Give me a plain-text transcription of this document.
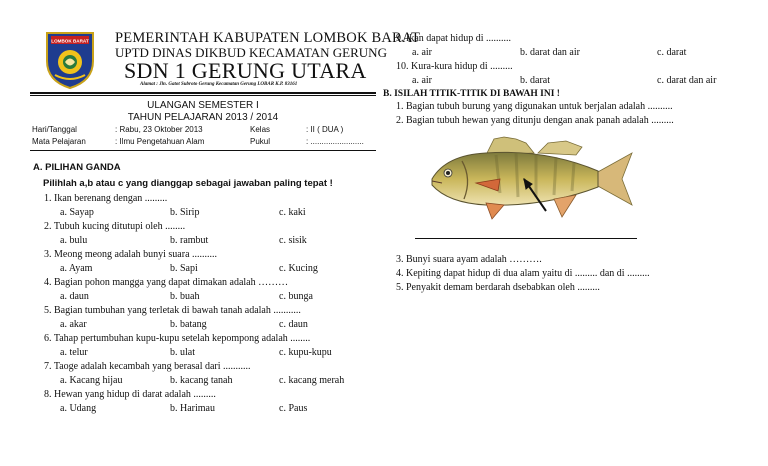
LOMBOK BARAT PEMERINTAH KABUPATEN LOMBOK BARAT
UPTD DINAS DIKBUD KECAMATAN GERUNG
SDN 1 GERUNG UTARA
Alamat : Jln. Gatot Subroto Gerung Kecamatan Gerung LOBAR K.P. 83161
ULANGAN SEMESTER I
TAHUN PELAJARAN 2013 / 2014
Hari/Tanggal	: Rabu, 23 Oktober 2013	Kelas	: II ( DUA )
Mata Pelajaran	: Ilmu Pengetahuan Alam	Pukul	: ........................
A. PILIHAN GANDA
Pilihlah a,b atau c yang dianggap sebagai jawaban paling tepat !
1. Ikan berenang dengan .........
a. Sayap	b. Sirip	c. kaki
2. Tubuh kucing ditutupi oleh ........
a. bulu	b. rambut	c. sisik
3. Meong meong adalah bunyi suara ..........
a. Ayam	b. Sapi	c. Kucing
4. Bagian pohon mangga yang dapat dimakan adalah ………
a. daun	b. buah	c. bunga
5. Bagian tumbuhan yang terletak di bawah tanah adalah ...........
a. akar	b. batang	c. daun
6. Tahap pertumbuhan kupu-kupu setelah kepompong adalah ........
a. telur	b. ulat	c. kupu-kupu
7. Taoge adalah kecambah yang berasal dari ...........
a. Kacang hijau	b. kacang tanah	c. kacang merah
8. Hewan yang hidup di darat adalah .........
a. Udang	b. Harimau	c. Paus
9. Ikan dapat hidup di ..........
a. air	b. darat dan air	c. darat
10. Kura-kura hidup di .........
a. air	b. darat	c. darat dan air
B. ISILAH TITIK-TITIK DI BAWAH INI !
1. Bagian tubuh burung yang digunakan untuk berjalan adalah ..........
2. Bagian tubuh hewan yang ditunju dengan anak panah adalah .........
3. Bunyi suara ayam adalah ……….
4. Kepiting dapat hidup di dua alam yaitu di ......... dan di .........
5. Penyakit demam berdarah dsebabkan oleh .........
